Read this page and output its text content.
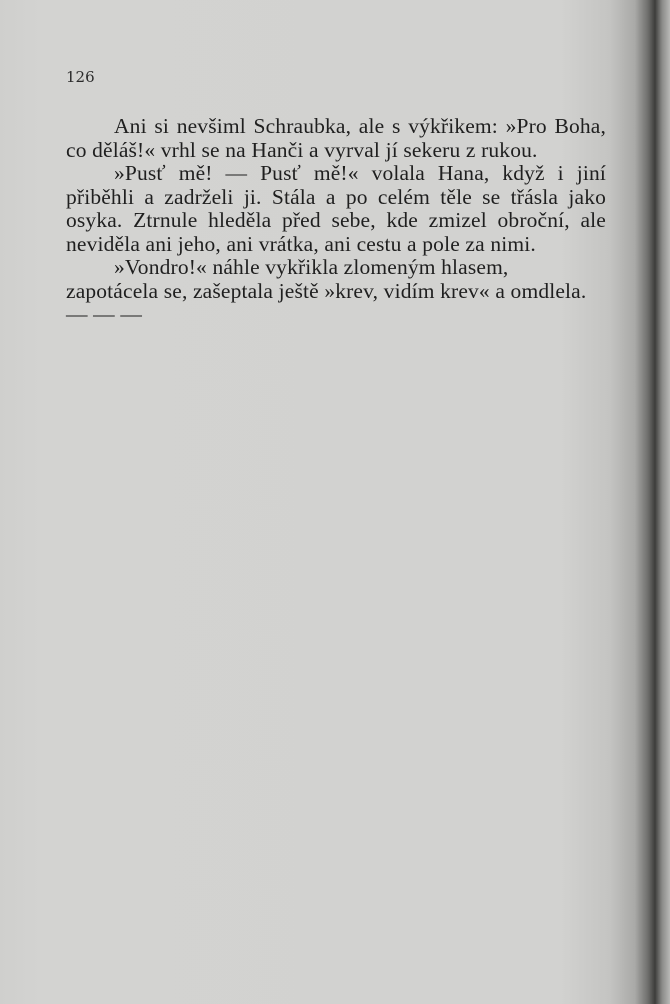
126

Ani si nevšiml Schraubka, ale s výkřikem: »Pro Boha, co děláš!« vrhl se na Hanči a vyrval jí sekeru z rukou.

»Pusť mě! — Pusť mě!« volala Hana, když i jiní přiběhli a zadrželi ji. Stála a po celém těle se třásla jako osyka. Ztrnule hleděla před sebe, kde zmizel obroční, ale neviděla ani jeho, ani vrátka, ani cestu a pole za nimi.

»Vondro!« náhle vykřikla zlomeným hlasem, zapotácela se, zašeptala ještě »krev, vidím krev« a omdlela. — — —
